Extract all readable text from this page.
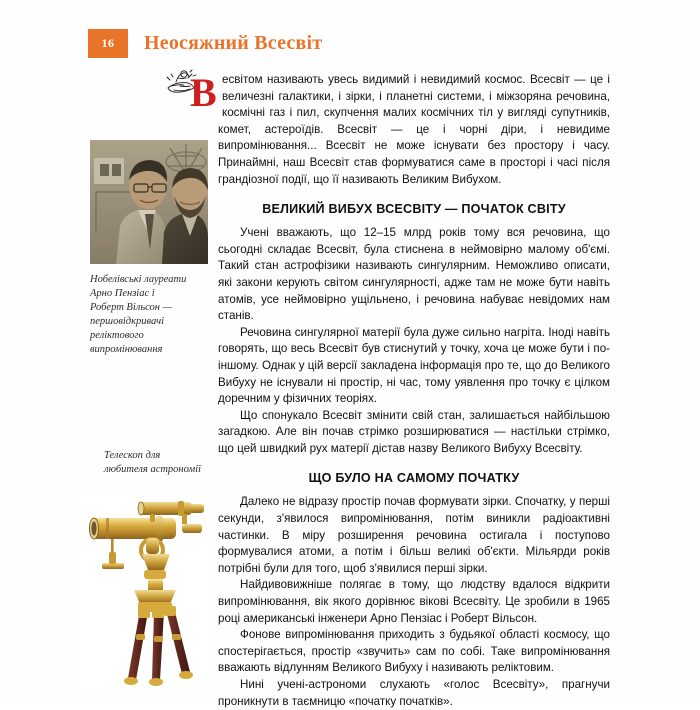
16	Неосяжний Всесвіт
Нобелівські лауреати Арно Пензіас і Роберт Вільсон — першовідкривачі реліктового випромінювання
Телескоп для любителя астрономії
В есвітом називають увесь видимий і невидимий космос. Всесвіт — це і величезні галактики, і зірки, і планетні системи, і міжзоряна речовина, космічні газ і пил, скупчення малих космічних тіл у вигляді супутників, комет, астероїдів. Всесвіт — це і чорні діри, і невидиме випромінювання... Всесвіт не може існувати без простору і часу. Принаймні, наш Всесвіт став формуватися саме в просторі і часі після грандіозної події, що її називають Великим Вибухом.

ВЕЛИКИЙ ВИБУХ ВСЕСВІТУ — ПОЧАТОК СВІТУ

Учені вважають, що 12–15 млрд років тому вся речовина, що сьогодні складає Всесвіт, була стиснена в неймовірно малому об'ємі. Такий стан астрофізики називають сингулярним. Неможливо описати, які закони керують світом сингулярності, адже там не може бути навіть атомів, усе неймовірно ущільнено, і речовина набуває невідомих нам станів.

Речовина сингулярної матерії була дуже сильно нагріта. Іноді навіть говорять, що весь Всесвіт був стиснутий у точку, хоча це може бути і по-іншому. Однак у цій версії закладена інформація про те, що до Великого Вибуху не існували ні простір, ні час, тому уявлення про точку є цілком доречним у фізичних теоріях.

Що спонукало Всесвіт змінити свій стан, залишається найбільшою загадкою. Але він почав стрімко розширюватися — настільки стрімко, що цей швидкий рух матерії дістав назву Великого Вибуху Всесвіту.

ЩО БУЛО НА САМОМУ ПОЧАТКУ

Далеко не відразу простір почав формувати зірки. Спочатку, у перші секунди, з'явилося випромінювання, потім виникли радіоактивні частинки. В міру розширення речовина остигала і поступово формувалися атоми, а потім і більш великі об'єкти. Мільярди років потрібні були для того, щоб з'явилися перші зірки.

Найдивовижніше полягає в тому, що людству вдалося відкрити випромінювання, вік якого дорівнює вікові Всесвіту. Це зробили в 1965 році американські інженери Арно Пензіас і Роберт Вільсон.

Фонове випромінювання приходить з будьякої області космосу, що спостерігається, простір «звучить» сам по собі. Таке випромінювання вважають відлунням Великого Вибуху і називають реліктовим.

Нині учені-астрономи слухають «голос Всесвіту», прагнучи проникнути в таємницю «початку початків».
